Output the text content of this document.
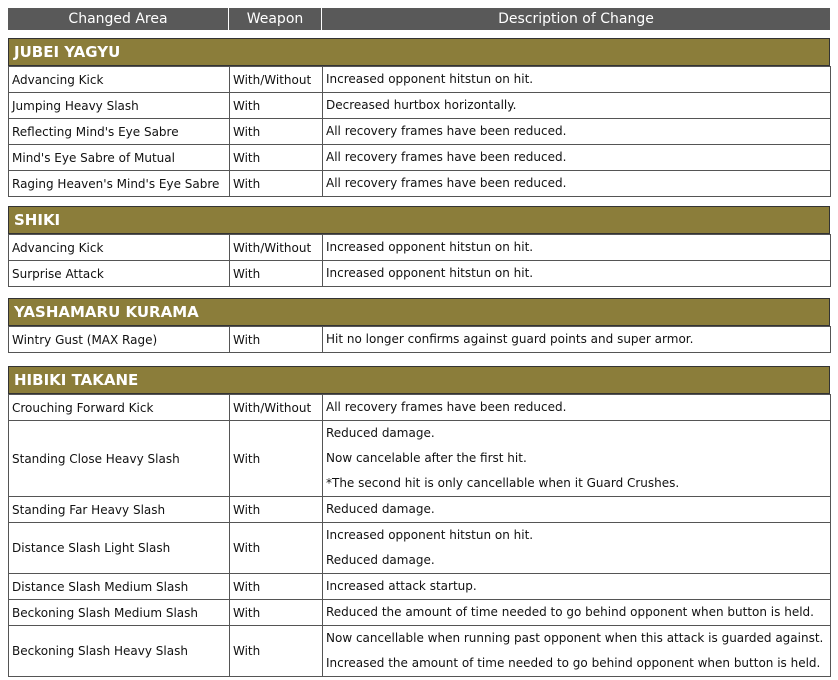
Changed Area	Weapon	Description of Change
JUBEI YAGYU
Advancing Kick	With/Without	Increased opponent hitstun on hit.

Jumping Heavy Slash	With	Decreased hurtbox horizontally.

Reflecting Mind's Eye Sabre	With	All recovery frames have been reduced.

Mind's Eye Sabre of Mutual	With	All recovery frames have been reduced.

Raging Heaven's Mind's Eye Sabre	With	All recovery frames have been reduced.
SHIKI
Advancing Kick	With/Without	Increased opponent hitstun on hit.

Surprise Attack	With	Increased opponent hitstun on hit.
YASHAMARU KURAMA
Wintry Gust (MAX Rage)	With	Hit no longer confirms against guard points and super armor.
HIBIKI TAKANE
Crouching Forward Kick	With/Without	All recovery frames have been reduced.

Standing Close Heavy Slash	With	Reduced damage.
Now cancelable after the first hit.
*The second hit is only cancellable when it Guard Crushes.

Standing Far Heavy Slash	With	Reduced damage.

Distance Slash Light Slash	With	Increased opponent hitstun on hit.
Reduced damage.

Distance Slash Medium Slash	With	Increased attack startup.

Beckoning Slash Medium Slash	With	Reduced the amount of time needed to go behind opponent when button is held.

Beckoning Slash Heavy Slash	With	Now cancellable when running past opponent when this attack is guarded against.
Increased the amount of time needed to go behind opponent when button is held.
